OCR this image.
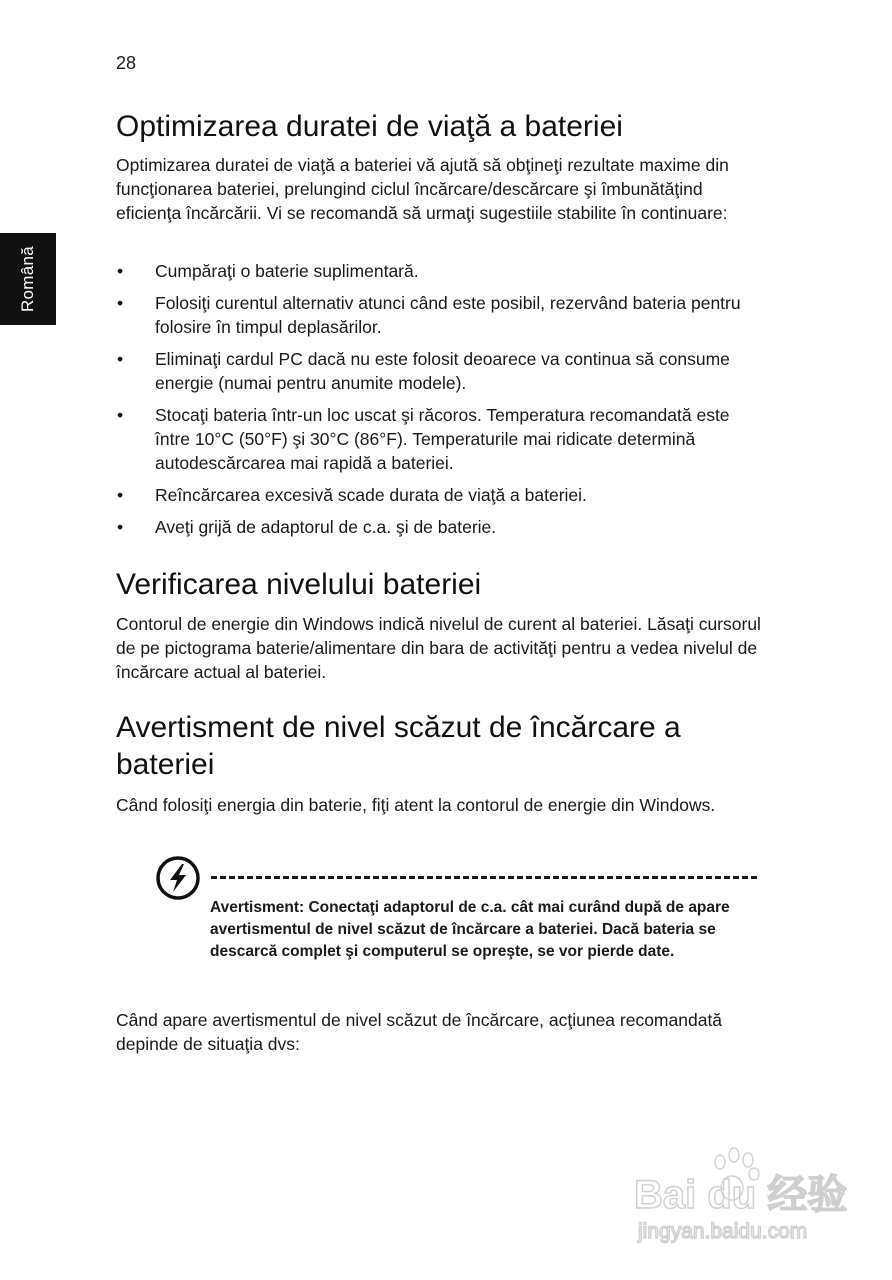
28
Română
Optimizarea duratei de viaţă a bateriei

Optimizarea duratei de viaţă a bateriei vă ajută să obţineţi rezultate maxime din funcţionarea bateriei, prelungind ciclul încărcare/descărcare şi îmbunătăţind eficienţa încărcării. Vi se recomandă să urmaţi sugestiile stabilite în continuare:

• Cumpăraţi o baterie suplimentară.
• Folosiţi curentul alternativ atunci când este posibil, rezervând bateria pentru folosire în timpul deplasărilor.
• Eliminaţi cardul PC dacă nu este folosit deoarece va continua să consume energie (numai pentru anumite modele).
• Stocaţi bateria într-un loc uscat şi răcoros. Temperatura recomandată este între 10°C (50°F) şi 30°C (86°F). Temperaturile mai ridicate determină autodescărcarea mai rapidă a bateriei.
• Reîncărcarea excesivă scade durata de viaţă a bateriei.
• Aveţi grijă de adaptorul de c.a. şi de baterie.
Verificarea nivelului bateriei

Contorul de energie din Windows indică nivelul de curent al bateriei. Lăsaţi cursorul de pe pictograma baterie/alimentare din bara de activităţi pentru a vedea nivelul de încărcare actual al bateriei.

Avertisment de nivel scăzut de încărcare a
bateriei

Când folosiţi energia din baterie, fiţi atent la contorul de energie din Windows.

Avertisment: Conectaţi adaptorul de c.a. cât mai curând după de apare avertismentul de nivel scăzut de încărcare a bateriei. Dacă bateria se descarcă complet şi computerul se opreşte, se vor pierde date.

Când apare avertismentul de nivel scăzut de încărcare, acţiunea recomandată depinde de situaţia dvs:

Bai du 经验
jingyan.baidu.com
